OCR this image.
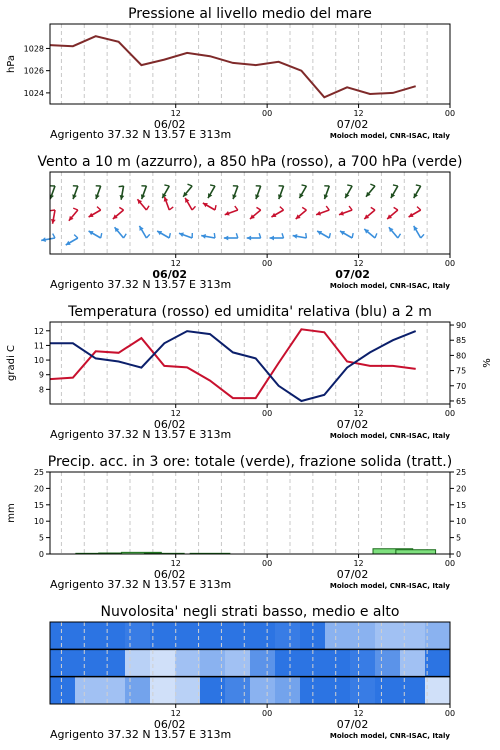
Pressione al livello medio del mare
1024
1026
1028
hPa
12	00	12	00
06/02	07/02
Agrigento 37.32 N 13.57 E 313m	Moloch model, CNR-ISAC, Italy
Vento a 10 m (azzurro), a 850 hPa (rosso), a 700 hPa (verde)
12	00	12	00
06/02	07/02
Agrigento 37.32 N 13.57 E 313m	Moloch model, CNR-ISAC, Italy
Temperatura (rosso) ed umidita' relativa (blu) a 2 m
8
9
10
11
12
65
70
75
80
85
90
gradi C	%
12	00	12	00
06/02	07/02
Agrigento 37.32 N 13.57 E 313m	Moloch model, CNR-ISAC, Italy
Precip. acc. in 3 ore: totale (verde), frazione solida (tratt.)
0
5
10
15
20
25
0
5
10
15
20
25
mm
12	00	12	00
06/02	07/02
Agrigento 37.32 N 13.57 E 313m	Moloch model, CNR-ISAC, Italy
Nuvolosita' negli strati basso, medio e alto
12	00	12	00
06/02	07/02
Agrigento 37.32 N 13.57 E 313m	Moloch model, CNR-ISAC, Italy
